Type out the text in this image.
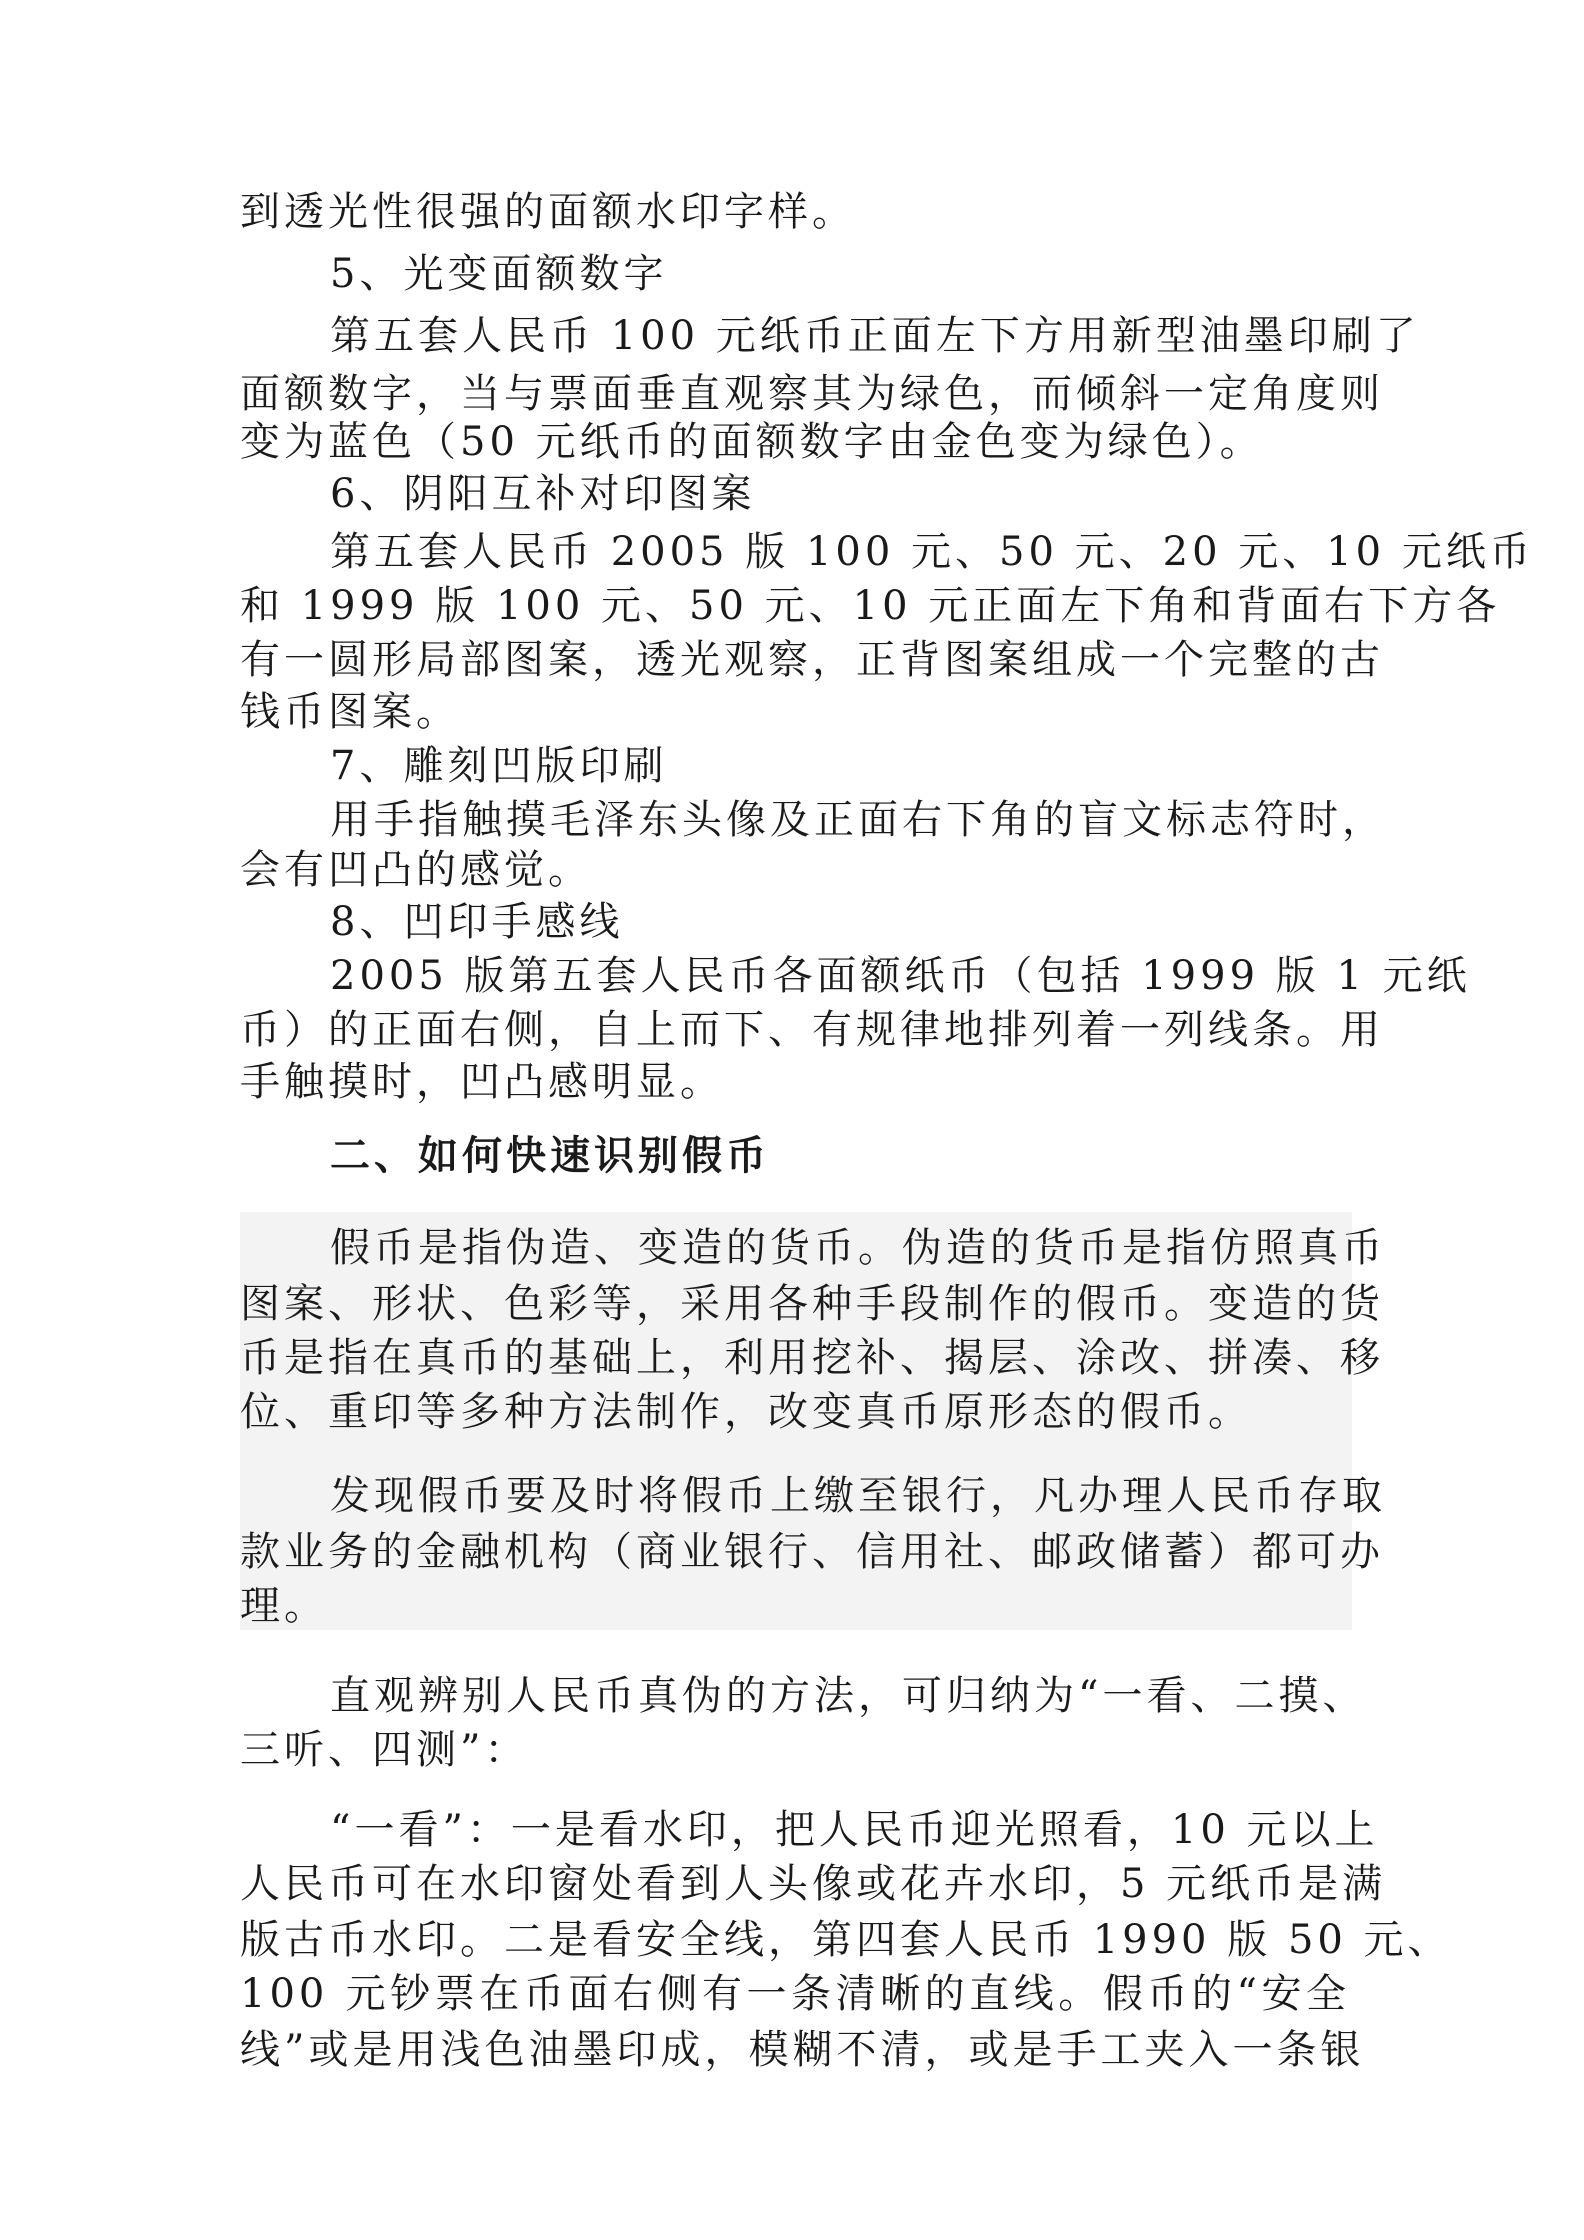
到透光性很强的面额水印字样。
5、光变面额数字
第五套人民币 100 元纸币正面左下方用新型油墨印刷了
面额数字，当与票面垂直观察其为绿色，而倾斜一定角度则
变为蓝色（50 元纸币的面额数字由金色变为绿色）。
6、阴阳互补对印图案
第五套人民币 2005 版 100 元、50 元、20 元、10 元纸币
和 1999 版 100 元、50 元、10 元正面左下角和背面右下方各
有一圆形局部图案，透光观察，正背图案组成一个完整的古
钱币图案。
7、雕刻凹版印刷
用手指触摸毛泽东头像及正面右下角的盲文标志符时，
会有凹凸的感觉。
8、凹印手感线
2005 版第五套人民币各面额纸币（包括 1999 版 1 元纸
币）的正面右侧，自上而下、有规律地排列着一列线条。用
手触摸时，凹凸感明显。
二、如何快速识别假币
假币是指伪造、变造的货币。伪造的货币是指仿照真币
图案、形状、色彩等，采用各种手段制作的假币。变造的货
币是指在真币的基础上，利用挖补、揭层、涂改、拼凑、移
位、重印等多种方法制作，改变真币原形态的假币。
发现假币要及时将假币上缴至银行，凡办理人民币存取
款业务的金融机构（商业银行、信用社、邮政储蓄）都可办
理。
直观辨别人民币真伪的方法，可归纳为“一看、二摸、
三听、四测”：
“一看”：一是看水印，把人民币迎光照看，10 元以上
人民币可在水印窗处看到人头像或花卉水印，5 元纸币是满
版古币水印。二是看安全线，第四套人民币 1990 版 50 元、
100 元钞票在币面右侧有一条清晰的直线。假币的“安全
线”或是用浅色油墨印成，模糊不清，或是手工夹入一条银
